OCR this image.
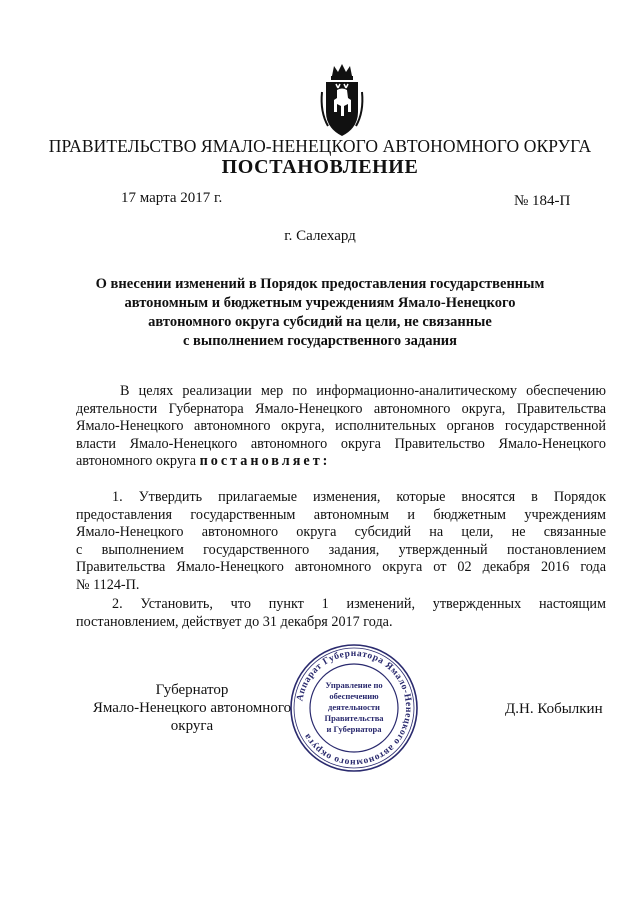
ПРАВИТЕЛЬСТВО ЯМАЛО-НЕНЕЦКОГО АВТОНОМНОГО ОКРУГА
ПОСТАНОВЛЕНИЕ
17 марта 2017 г.	№ 184-П
г. Салехард
О внесении изменений в Порядок предоставления государственным
автономным и бюджетным учреждениям Ямало-Ненецкого
автономного округа субсидий на цели, не связанные
с выполнением государственного задания
В целях реализации мер по информационно-аналитическому обеспечению
деятельности Губернатора Ямало-Ненецкого автономного округа, Правительства
Ямало-Ненецкого автономного округа, исполнительных органов государственной
власти Ямало-Ненецкого автономного округа Правительство Ямало-Ненецкого
автономного округа постановляет:
1. Утвердить прилагаемые изменения, которые вносятся в Порядок
предоставления государственным автономным и бюджетным учреждениям
Ямало-Ненецкого автономного округа субсидий на цели, не связанные
с выполнением государственного задания, утвержденный постановлением
Правительства Ямало-Ненецкого автономного округа от 02 декабря 2016 года
№ 1124-П.
2. Установить, что пункт 1 изменений, утвержденных настоящим
постановлением, действует до 31 декабря 2017 года.
Губернатор
Ямало-Ненецкого автономного округа
Д.Н. Кобылкин
Аппарат Губернатора Ямало-Ненецкого автономного округа
Управление по
обеспечению
деятельности
Правительства
и Губернатора
